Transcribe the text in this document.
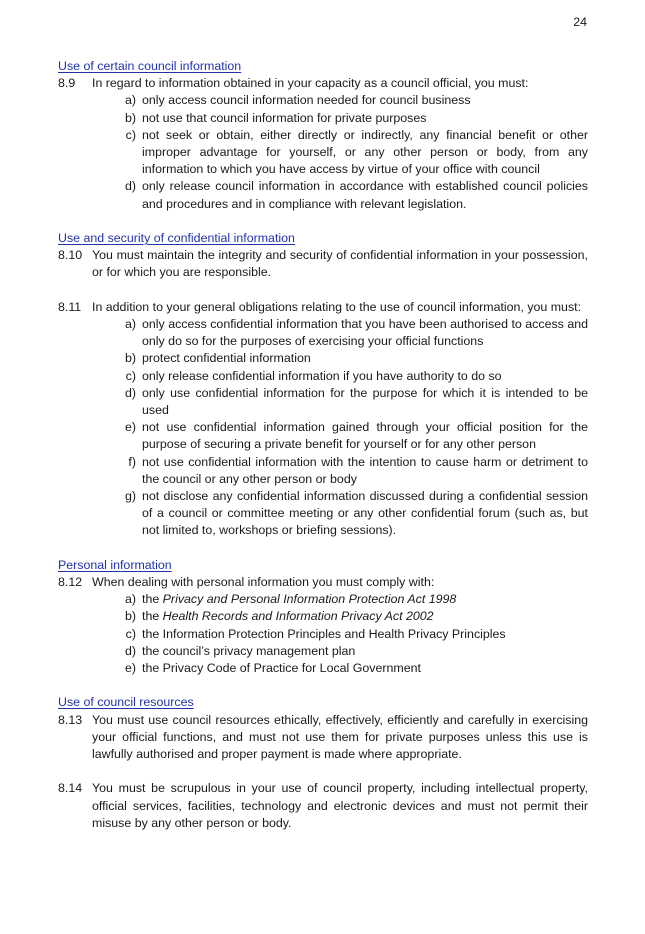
24

Use of certain council information

8.9	In regard to information obtained in your capacity as a council official, you must:
a) only access council information needed for council business
b) not use that council information for private purposes
c) not seek or obtain, either directly or indirectly, any financial benefit or other improper advantage for yourself, or any other person or body, from any information to which you have access by virtue of your office with council
d) only release council information in accordance with established council policies and procedures and in compliance with relevant legislation.

Use and security of confidential information

8.10 You must maintain the integrity and security of confidential information in your possession, or for which you are responsible.
8.11 In addition to your general obligations relating to the use of council information, you must:
a) only access confidential information that you have been authorised to access and only do so for the purposes of exercising your official functions
b) protect confidential information
c) only release confidential information if you have authority to do so
d) only use confidential information for the purpose for which it is intended to be used
e) not use confidential information gained through your official position for the purpose of securing a private benefit for yourself or for any other person
f) not use confidential information with the intention to cause harm or detriment to the council or any other person or body
g) not disclose any confidential information discussed during a confidential session of a council or committee meeting or any other confidential forum (such as, but not limited to, workshops or briefing sessions).

Personal information

8.12 When dealing with personal information you must comply with:
a) the Privacy and Personal Information Protection Act 1998
b) the Health Records and Information Privacy Act 2002
c) the Information Protection Principles and Health Privacy Principles
d) the council’s privacy management plan
e) the Privacy Code of Practice for Local Government

Use of council resources

8.13 You must use council resources ethically, effectively, efficiently and carefully in exercising your official functions, and must not use them for private purposes unless this use is lawfully authorised and proper payment is made where appropriate.
8.14 You must be scrupulous in your use of council property, including intellectual property, official services, facilities, technology and electronic devices and must not permit their misuse by any other person or body.
